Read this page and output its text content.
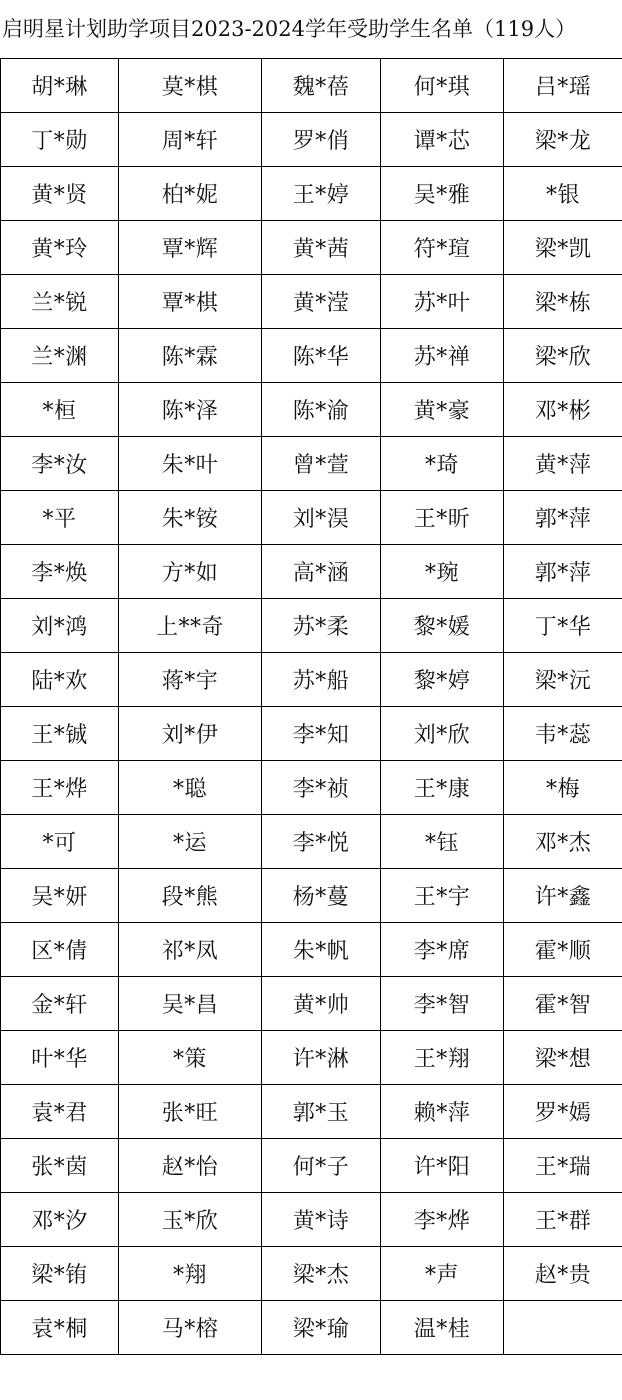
启明星计划助学项目2023-2024学年受助学生名单（119人）
胡*琳	莫*棋	魏*蓓	何*琪	吕*瑶
丁*勋	周*轩	罗*俏	谭*芯	梁*龙
黄*贤	柏*妮	王*婷	吴*雅	*银
黄*玲	覃*辉	黄*茜	符*瑄	梁*凯
兰*锐	覃*棋	黄*滢	苏*叶	梁*栋
兰*渊	陈*霖	陈*华	苏*禅	梁*欣
*桓	陈*泽	陈*渝	黄*豪	邓*彬
李*汝	朱*叶	曾*萱	*琦	黄*萍
*平	朱*铵	刘*淏	王*昕	郭*萍
李*焕	方*如	高*涵	*琬	郭*萍
刘*鸿	上**奇	苏*柔	黎*媛	丁*华
陆*欢	蒋*宇	苏*船	黎*婷	梁*沅
王*铖	刘*伊	李*知	刘*欣	韦*蕊
王*烨	*聪	李*祯	王*康	*梅
*可	*运	李*悦	*钰	邓*杰
吴*妍	段*熊	杨*蔓	王*宇	许*鑫
区*倩	祁*凤	朱*帆	李*席	霍*顺
金*轩	吴*昌	黄*帅	李*智	霍*智
叶*华	*策	许*淋	王*翔	梁*想
袁*君	张*旺	郭*玉	赖*萍	罗*嫣
张*茵	赵*怡	何*子	许*阳	王*瑞
邓*汐	玉*欣	黄*诗	李*烨	王*群
梁*铕	*翔	梁*杰	*声	赵*贵
袁*桐	马*榕	梁*瑜	温*桂	
